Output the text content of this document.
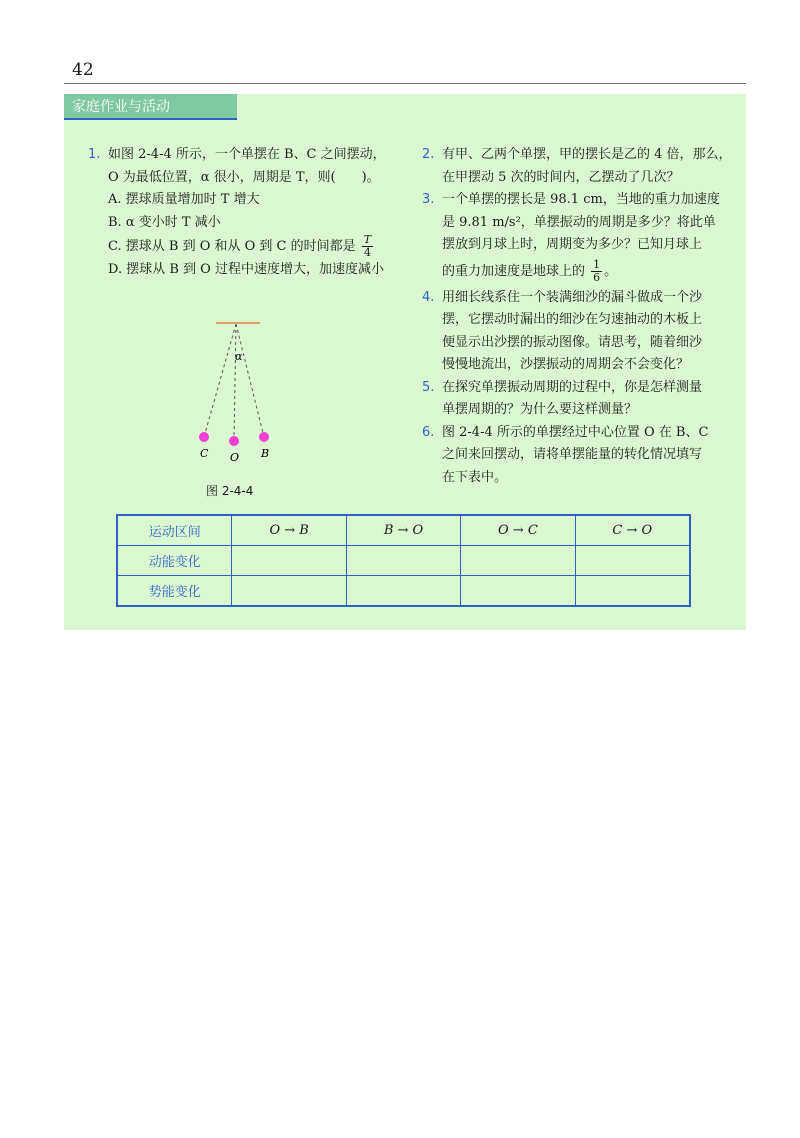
42
家庭作业与活动
1. 如图 2-4-4 所示，一个单摆在 B、C 之间摆动，
O 为最低位置，α 很小，周期是 T，则(　　)。
A. 摆球质量增加时 T 增大
B. α 变小时 T 减小
C. 摆球从 B 到 O 和从 O 到 C 的时间都是 $\frac{T}{4}$
D. 摆球从 B 到 O 过程中速度增大，加速度减小
α
C O B
图 2-4-4
2. 有甲、乙两个单摆，甲的摆长是乙的 4 倍，那么，
在甲摆动 5 次的时间内，乙摆动了几次？
3. 一个单摆的摆长是 98.1 cm，当地的重力加速度
是 9.81 m/s²，单摆振动的周期是多少？将此单
摆放到月球上时，周期变为多少？已知月球上
的重力加速度是地球上的 $\frac{1}{6}$ 。
4. 用细长线系住一个装满细沙的漏斗做成一个沙
摆，它摆动时漏出的细沙在匀速抽动的木板上
便显示出沙摆的振动图像。请思考，随着细沙
慢慢地流出，沙摆振动的周期会不会变化？
5. 在探究单摆振动周期的过程中，你是怎样测量
单摆周期的？为什么要这样测量？
6. 图 2-4-4 所示的单摆经过中心位置 O 在 B、C
之间来回摆动，请将单摆能量的转化情况填写
在下表中。
运动区间	O → B	B → O	O → C	C → O
动能变化				
势能变化				
